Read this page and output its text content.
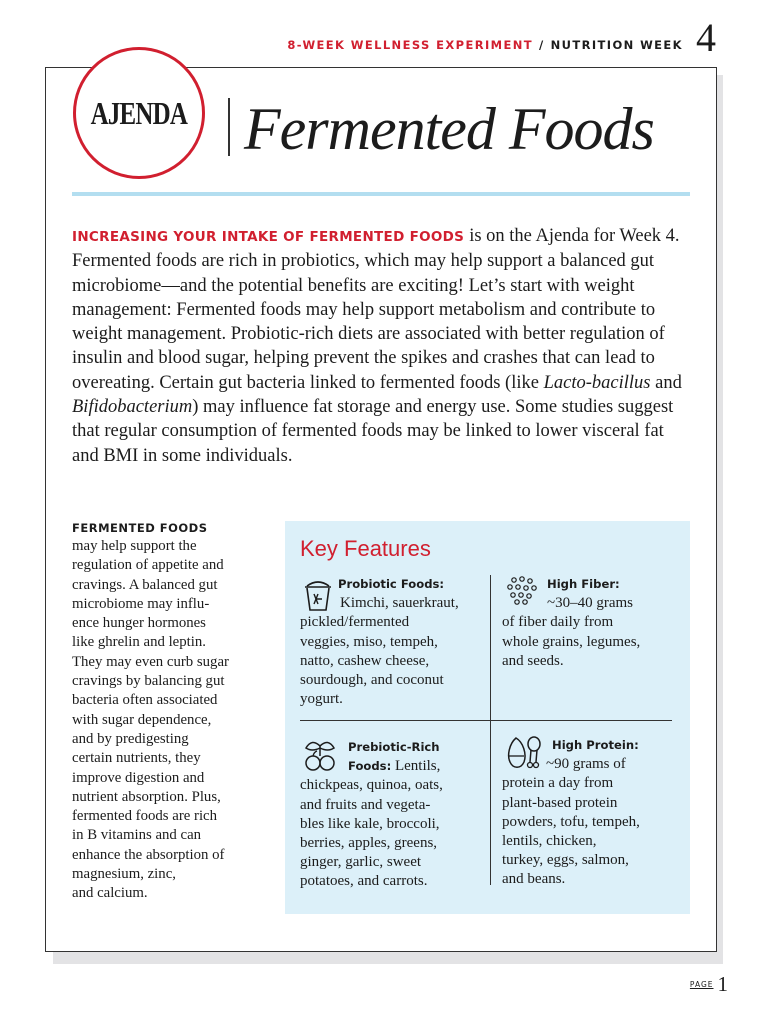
8-WEEK WELLNESS EXPERIMENT / NUTRITION WEEK 4
AJENDA Fermented Foods
INCREASING YOUR INTAKE OF FERMENTED FOODS is on the Ajenda for Week 4. Fermented foods are rich in probiotics, which may help support a balanced gut microbiome—and the potential benefits are exciting! Let’s start with weight management: Fermented foods may help support metabolism and contribute to weight management. Probiotic-rich diets are associated with better regulation of insulin and blood sugar, helping prevent the spikes and crashes that can lead to overeating. Certain gut bacteria linked to fermented foods (like Lacto-bacillus and Bifidobacterium) may influence fat storage and energy use. Some studies suggest that regular consumption of fermented foods may be linked to lower visceral fat and BMI in some individuals.
FERMENTED FOODS
may help support the
regulation of appetite and
cravings. A balanced gut
microbiome may influ-
ence hunger hormones
like ghrelin and leptin.
They may even curb sugar
cravings by balancing gut
bacteria often associated
with sugar dependence,
and by predigesting
certain nutrients, they
improve digestion and
nutrient absorption. Plus,
fermented foods are rich
in B vitamins and can
enhance the absorption of
magnesium, zinc,
and calcium.
Key Features
Probiotic Foods:
Kimchi, sauerkraut,
pickled/fermented
veggies, miso, tempeh,
natto, cashew cheese,
sourdough, and coconut
yogurt.
High Fiber:
~30–40 grams
of fiber daily from
whole grains, legumes,
and seeds.
Prebiotic-Rich
Foods: Lentils,
chickpeas, quinoa, oats,
and fruits and vegeta-
bles like kale, broccoli,
berries, apples, greens,
ginger, garlic, sweet
potatoes, and carrots.
High Protein:
~90 grams of
protein a day from
plant-based protein
powders, tofu, tempeh,
lentils, chicken,
turkey, eggs, salmon,
and beans.
PAGE 1
